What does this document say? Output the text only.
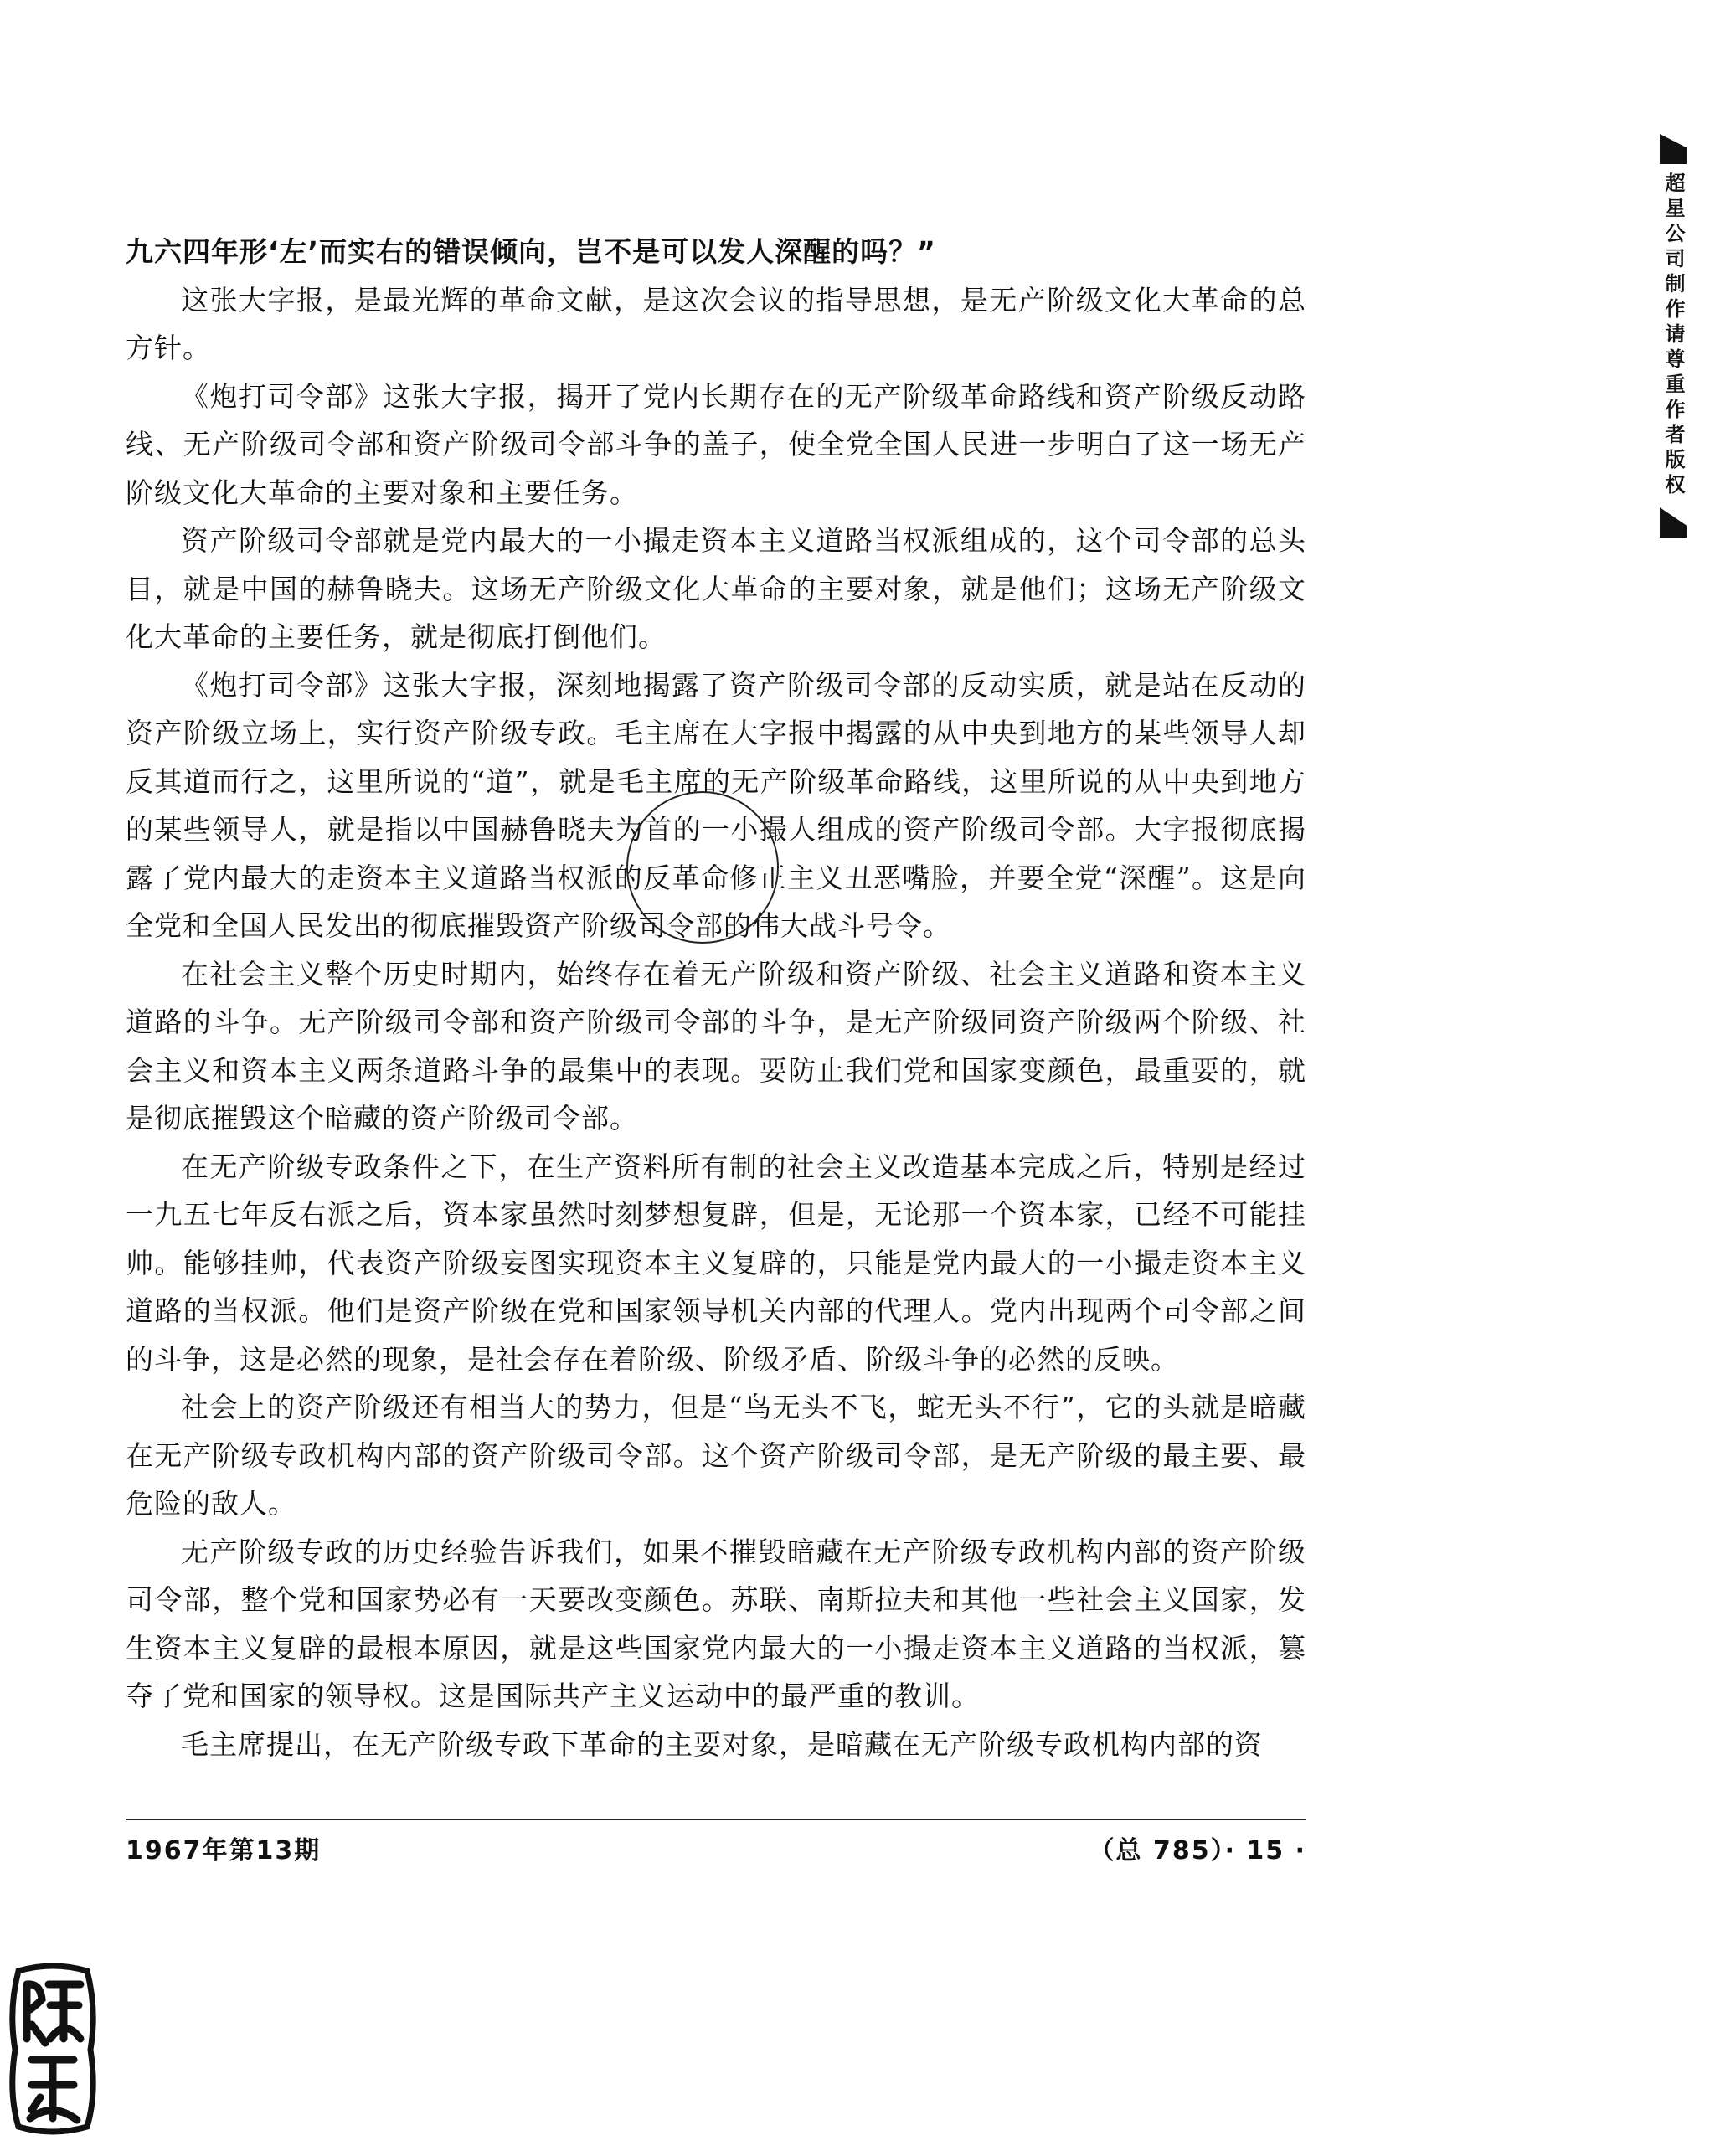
九六四年形‘左’而实右的错误倾向，岂不是可以发人深醒的吗？”

这张大字报，是最光辉的革命文献，是这次会议的指导思想，是无产阶级文化大革命的总方针。

《炮打司令部》这张大字报，揭开了党内长期存在的无产阶级革命路线和资产阶级反动路线、无产阶级司令部和资产阶级司令部斗争的盖子，使全党全国人民进一步明白了这一场无产阶级文化大革命的主要对象和主要任务。

资产阶级司令部就是党内最大的一小撮走资本主义道路当权派组成的，这个司令部的总头目，就是中国的赫鲁晓夫。这场无产阶级文化大革命的主要对象，就是他们；这场无产阶级文化大革命的主要任务，就是彻底打倒他们。

《炮打司令部》这张大字报，深刻地揭露了资产阶级司令部的反动实质，就是站在反动的资产阶级立场上，实行资产阶级专政。毛主席在大字报中揭露的从中央到地方的某些领导人却反其道而行之，这里所说的“道”，就是毛主席的无产阶级革命路线，这里所说的从中央到地方的某些领导人，就是指以中国赫鲁晓夫为首的一小撮人组成的资产阶级司令部。大字报彻底揭露了党内最大的走资本主义道路当权派的反革命修正主义丑恶嘴脸，并要全党“深醒”。这是向全党和全国人民发出的彻底摧毁资产阶级司令部的伟大战斗号令。

在社会主义整个历史时期内，始终存在着无产阶级和资产阶级、社会主义道路和资本主义道路的斗争。无产阶级司令部和资产阶级司令部的斗争，是无产阶级同资产阶级两个阶级、社会主义和资本主义两条道路斗争的最集中的表现。要防止我们党和国家变颜色，最重要的，就是彻底摧毁这个暗藏的资产阶级司令部。

在无产阶级专政条件之下，在生产资料所有制的社会主义改造基本完成之后，特别是经过一九五七年反右派之后，资本家虽然时刻梦想复辟，但是，无论那一个资本家，已经不可能挂帅。能够挂帅，代表资产阶级妄图实现资本主义复辟的，只能是党内最大的一小撮走资本主义道路的当权派。他们是资产阶级在党和国家领导机关内部的代理人。党内出现两个司令部之间的斗争，这是必然的现象，是社会存在着阶级、阶级矛盾、阶级斗争的必然的反映。

社会上的资产阶级还有相当大的势力，但是“鸟无头不飞，蛇无头不行”，它的头就是暗藏在无产阶级专政机构内部的资产阶级司令部。这个资产阶级司令部，是无产阶级的最主要、最危险的敌人。

无产阶级专政的历史经验告诉我们，如果不摧毁暗藏在无产阶级专政机构内部的资产阶级司令部，整个党和国家势必有一天要改变颜色。苏联、南斯拉夫和其他一些社会主义国家，发生资本主义复辟的最根本原因，就是这些国家党内最大的一小撮走资本主义道路的当权派，篡夺了党和国家的领导权。这是国际共产主义运动中的最严重的教训。

毛主席提出，在无产阶级专政下革命的主要对象，是暗藏在无产阶级专政机构内部的资

1967年第13期	（总 785）· 15 ·
超星公司制作请尊重作者版权
